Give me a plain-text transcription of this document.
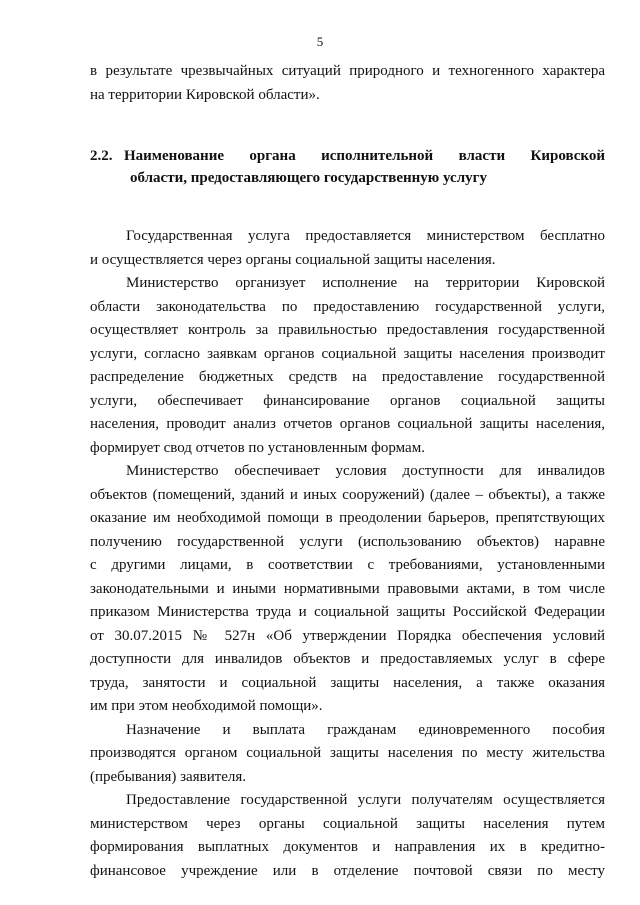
5

в результате чрезвычайных ситуаций природного и техногенного характера

на территории Кировской области».

2.2. Наименование органа исполнительной власти Кировской
области, предоставляющего государственную услугу

Государственная услуга предоставляется министерством бесплатно

и осуществляется через органы социальной защиты населения.

Министерство организует исполнение на территории Кировской

области законодательства по предоставлению государственной услуги,

осуществляет контроль за правильностью предоставления государственной

услуги, согласно заявкам органов социальной защиты населения производит

распределение бюджетных средств на предоставление государственной

услуги, обеспечивает финансирование органов социальной защиты

населения, проводит анализ отчетов органов социальной защиты населения,

формирует свод отчетов по установленным формам.

Министерство обеспечивает условия доступности для инвалидов

объектов (помещений, зданий и иных сооружений) (далее – объекты), а также

оказание им необходимой помощи в преодолении барьеров, препятствующих

получению государственной услуги (использованию объектов) наравне

с другими лицами, в соответствии с требованиями, установленными

законодательными и иными нормативными правовыми актами, в том числе

приказом Министерства труда и социальной защиты Российской Федерации

от 30.07.2015 № 527н «Об утверждении Порядка обеспечения условий

доступности для инвалидов объектов и предоставляемых услуг в сфере

труда, занятости и социальной защиты населения, а также оказания

им при этом необходимой помощи».

Назначение и выплата гражданам единовременного пособия

производятся органом социальной защиты населения по месту жительства

(пребывания) заявителя.

Предоставление государственной услуги получателям осуществляется

министерством через органы социальной защиты населения путем

формирования выплатных документов и направления их в кредитно-

финансовое учреждение или в отделение почтовой связи по месту
